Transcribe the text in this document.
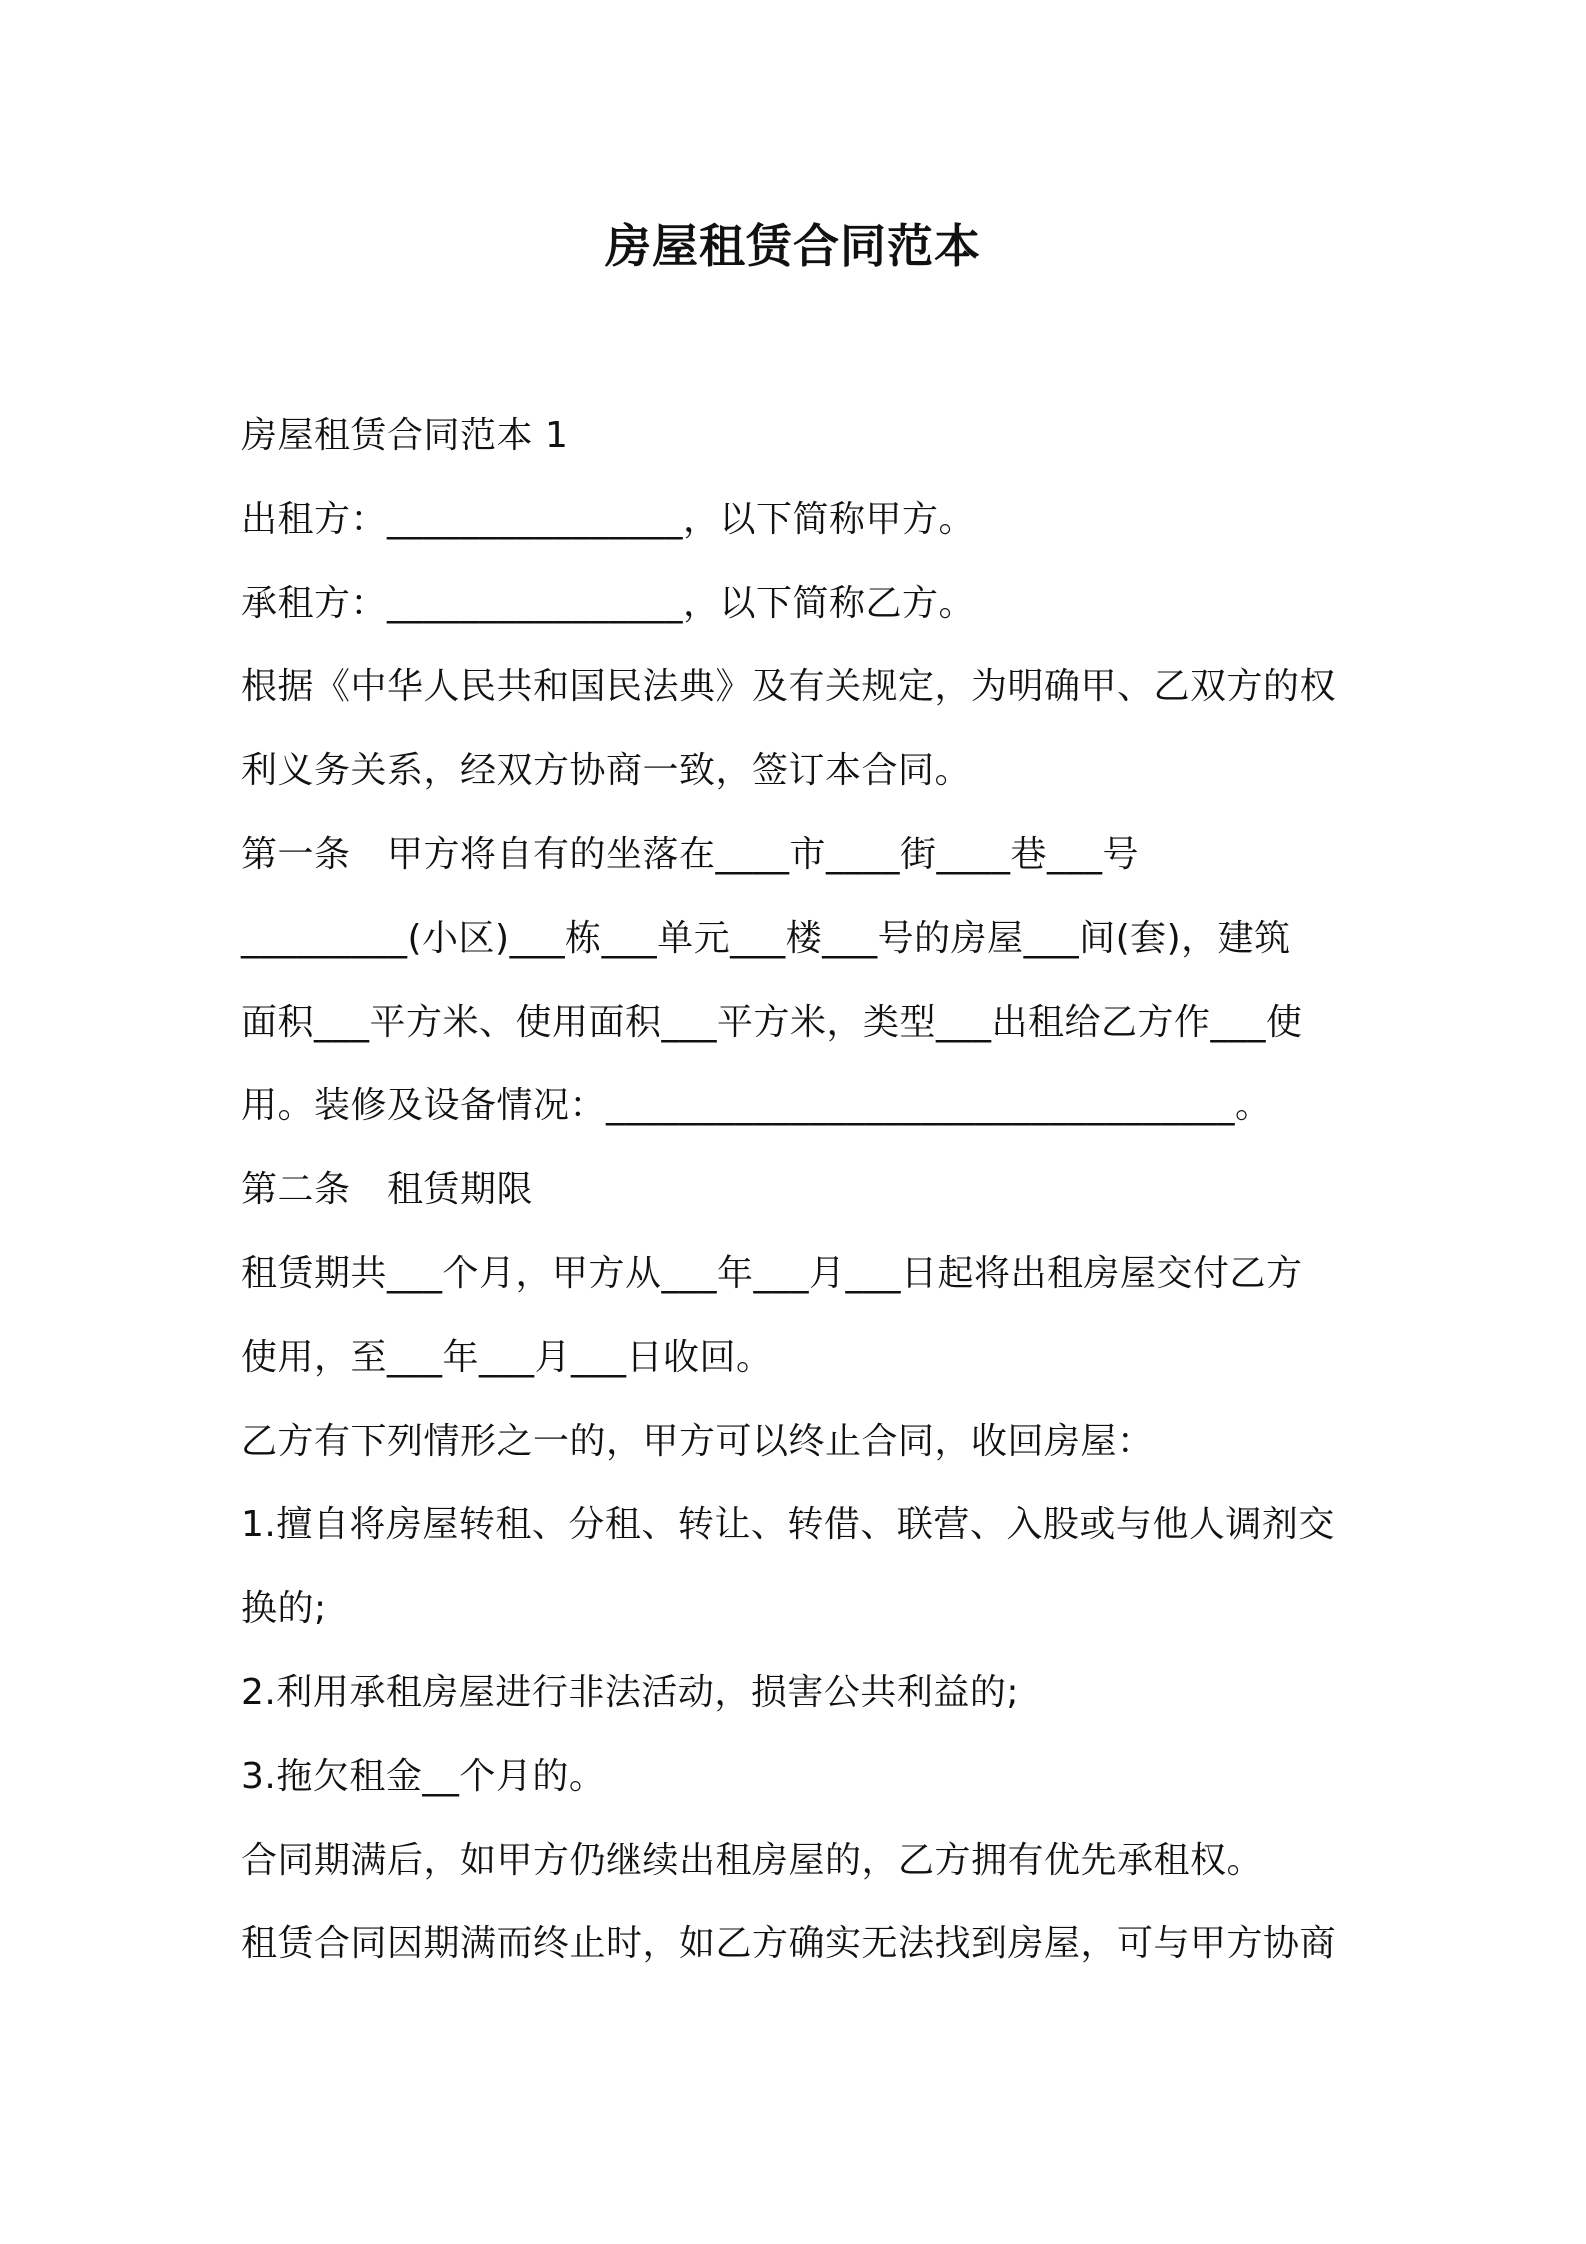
房屋租赁合同范本
房屋租赁合同范本 1
出租方：________________，以下简称甲方。
承租方：________________，以下简称乙方。
根据《中华人民共和国民法典》及有关规定，为明确甲、乙双方的权
利义务关系，经双方协商一致，签订本合同。
第一条　甲方将自有的坐落在____市____街____巷___号
_________(小区)___栋___单元___楼___号的房屋___间(套)，建筑
面积___平方米、使用面积___平方米，类型___出租给乙方作___使
用。装修及设备情况：__________________________________。
第二条　租赁期限
租赁期共___个月，甲方从___年___月___日起将出租房屋交付乙方
使用，至___年___月___日收回。
乙方有下列情形之一的，甲方可以终止合同，收回房屋：
1.擅自将房屋转租、分租、转让、转借、联营、入股或与他人调剂交
换的;
2.利用承租房屋进行非法活动，损害公共利益的;
3.拖欠租金__个月的。
合同期满后，如甲方仍继续出租房屋的，乙方拥有优先承租权。
租赁合同因期满而终止时，如乙方确实无法找到房屋，可与甲方协商
